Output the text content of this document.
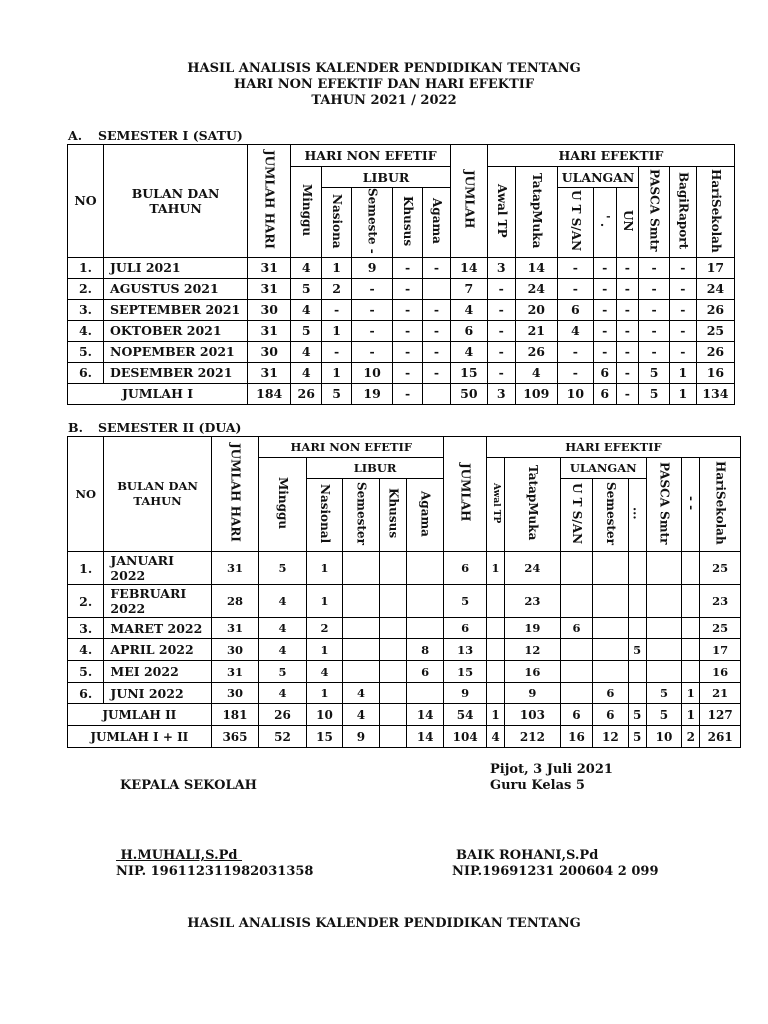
HASIL ANALISIS KALENDER PENDIDIKAN TENTANG
HARI NON EFEKTIF DAN HARI EFEKTIF
TAHUN 2021 / 2022
A. SEMESTER I (SATU)
NO	BULAN DAN TAHUN	JUMLAH HARI	HARI NON EFETIF					JUMLAH	HARI EFEKTIF							
			Minggu	LIBUR					Awal TP	TatapMuka	ULANGAN			PASCA Smtr	BagiRaport	HariSekolah
				Nasiona	Semeste -	Khusus	Agama				U T S/AN	' .	UN			
1.	JULI 2021	31	4	1	9	-	-	14	3	14	-	-	-	-	-	17
2.	AGUSTUS 2021	31	5	2	-	-		7	-	24	-	-	-	-	-	24
3.	SEPTEMBER 2021	30	4	-	-	-	-	4	-	20	6	-	-	-	-	26
4.	OKTOBER 2021	31	5	1	-	-	-	6	-	21	4	-	-	-	-	25
5.	NOPEMBER 2021	30	4	-	-	-	-	4	-	26	-	-	-	-	-	26
6.	DESEMBER 2021	31	4	1	10	-	-	15	-	4	-	6	-	5	1	16
JUMLAH I		184	26	5	19	-		50	3	109	10	6	-	5	1	134
B. SEMESTER II (DUA)
NO	BULAN DAN TAHUN	JUMLAH HARI	HARI NON EFETIF					JUMLAH	HARI EFEKTIF							
			Minggu	LIBUR					Awal TP	TatapMuka	ULANGAN			PASCA Smtr	- -	HariSekolah
				Nasional	Semester	Khusus	Agama				U T S/AN	Semester	...			
1.	JANUARI 2022	31	5	1				6	1	24						25
2.	FEBRUARI 2022	28	4	1				5		23						23
3.	MARET 2022	31	4	2				6		19	6					25
4.	APRIL 2022	30	4	1			8	13		12			5			17
5.	MEI 2022	31	5	4			6	15		16						16
6.	JUNI 2022	30	4	1	4			9		9		6		5	1	21
JUMLAH II		181	26	10	4		14	54	1	103	6	6	5	5	1	127
JUMLAH I + II		365	52	15	9		14	104	4	212	16	12	5	10	2	261
Pijot, 3 Juli 2021
KEPALA SEKOLAH	Guru Kelas 5
H.MUHALI,S.Pd
NIP. 196112311982031358
BAIK ROHANI,S.Pd
NIP.19691231 200604 2 099
HASIL ANALISIS KALENDER PENDIDIKAN TENTANG
